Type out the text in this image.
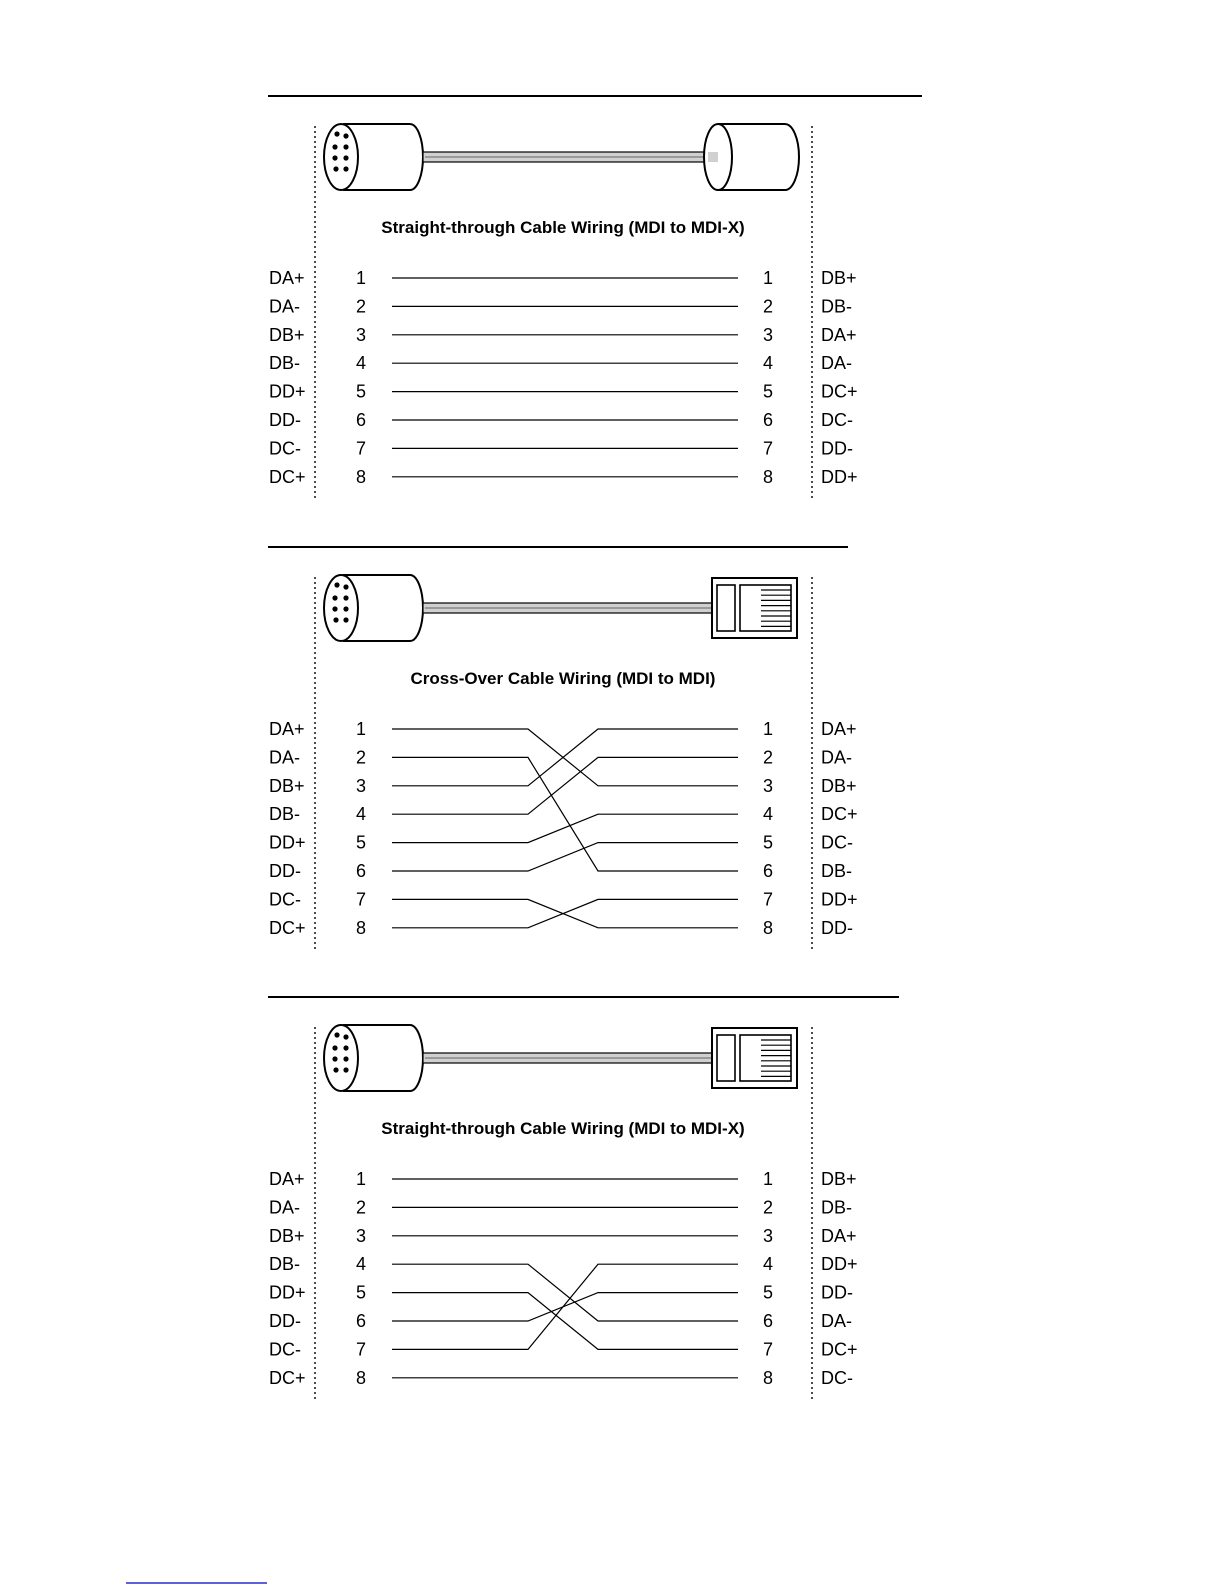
Straight-through Cable Wiring (MDI to MDI-X)
DA+	1	1	DB+
DA-	2	2	DB-
DB+	3	3	DA+
DB-	4	4	DA-
DD+	5	5	DC+
DD-	6	6	DC-
DC-	7	7	DD-
DC+	8	8	DD+
Cross-Over Cable Wiring (MDI to MDI)
DA+	1	1	DA+
DA-	2	2	DA-
DB+	3	3	DB+
DB-	4	4	DC+
DD+	5	5	DC-
DD-	6	6	DB-
DC-	7	7	DD+
DC+	8	8	DD-
Straight-through Cable Wiring (MDI to MDI-X)
DA+	1	1	DB+
DA-	2	2	DB-
DB+	3	3	DA+
DB-	4	4	DD+
DD+	5	5	DD-
DD-	6	6	DA-
DC-	7	7	DC+
DC+	8	8	DC-
